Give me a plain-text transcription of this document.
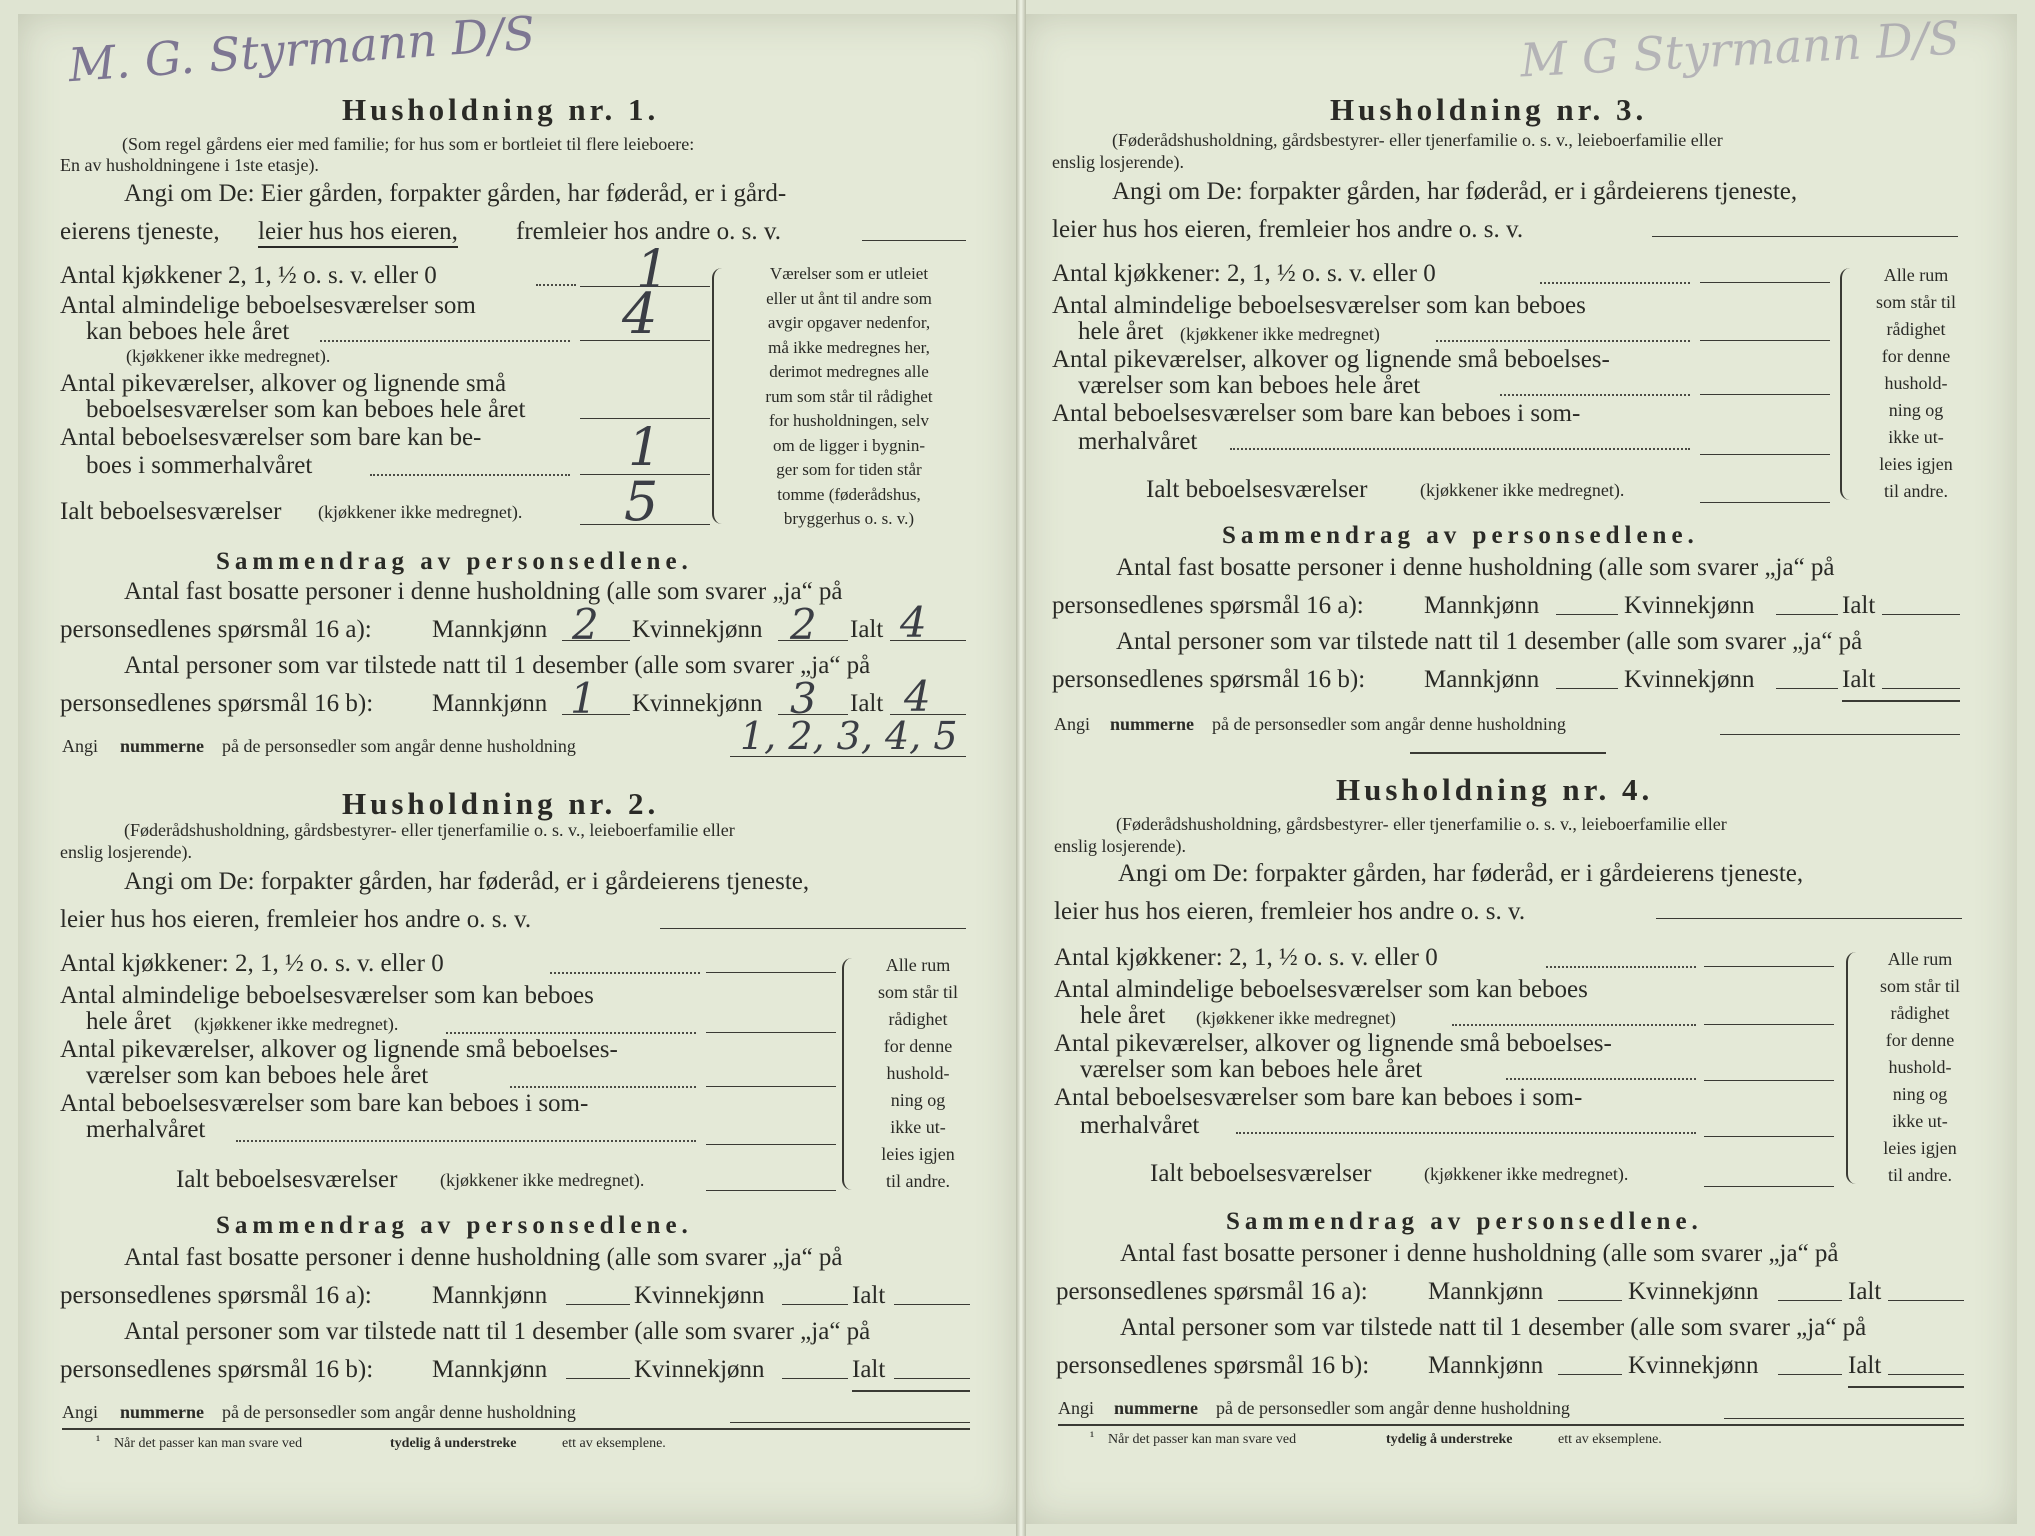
M. G. Styrmann D/S	M G Styrmann D/S
Husholdning nr. 1.
(Som regel gårdens eier med familie; for hus som er bortleiet til flere leieboere:
En av husholdningene i 1ste etasje).
Angi om De: Eier gården, forpakter gården, har føderåd, er i gård-
eierens tjeneste, leier hus hos eieren, fremleier hos andre o. s. v.
Antal kjøkkener 2, 1, ½ o. s. v. eller 0	1
Antal almindelige beboelsesværelser som
kan beboes hele året	4
(kjøkkener ikke medregnet).
Antal pikeværelser, alkover og lignende små
beboelsesværelser som kan beboes hele året
Antal beboelsesværelser som bare kan be-
boes i sommerhalvåret	1
Ialt beboelsesværelser (kjøkkener ikke medregnet). 5
Værelser som er utleiet
eller ut ånt til andre som
avgir opgaver nedenfor,
må ikke medregnes her,
derimot medregnes alle
rum som står til rådighet
for husholdningen, selv
om de ligger i bygnin-
ger som for tiden står
tomme (føderådshus,
bryggerhus o. s. v.)
Sammendrag av personsedlene.
Antal fast bosatte personer i denne husholdning (alle som svarer „ja“ på
personsedlenes spørsmål 16 a): Mannkjønn 2 Kvinnekjønn 2 Ialt 4
Antal personer som var tilstede natt til 1 desember (alle som svarer „ja“ på
personsedlenes spørsmål 16 b): Mannkjønn 1 Kvinnekjønn 3 Ialt 4
Angi nummerne på de personsedler som angår denne husholdning	1, 2, 3, 4, 5
Husholdning nr. 2.
(Føderådshusholdning, gårdsbestyrer- eller tjenerfamilie o. s. v., leieboerfamilie eller
enslig losjerende).
Angi om De: forpakter gården, har føderåd, er i gårdeierens tjeneste,
leier hus hos eieren, fremleier hos andre o. s. v.
Antal kjøkkener: 2, 1, ½ o. s. v. eller 0
Antal almindelige beboelsesværelser som kan beboes
hele året (kjøkkener ikke medregnet).
Antal pikeværelser, alkover og lignende små beboelses-
værelser som kan beboes hele året
Antal beboelsesværelser som bare kan beboes i som-
merhalvåret
Ialt beboelsesværelser (kjøkkener ikke medregnet).
Alle rum
som står til
rådighet
for denne
hushold-
ning og
ikke ut-
leies igjen
til andre.
Sammendrag av personsedlene.
Antal fast bosatte personer i denne husholdning (alle som svarer „ja“ på
personsedlenes spørsmål 16 a): Mannkjønn	Kvinnekjønn	Ialt
Antal personer som var tilstede natt til 1 desember (alle som svarer „ja“ på
personsedlenes spørsmål 16 b): Mannkjønn	Kvinnekjønn	Ialt
Angi nummerne på de personsedler som angår denne husholdning
¹ Når det passer kan man svare ved	tydelig å understreke	ett av eksemplene.
Husholdning nr. 3.
(Føderådshusholdning, gårdsbestyrer- eller tjenerfamilie o. s. v., leieboerfamilie eller
enslig losjerende).
Angi om De: forpakter gården, har føderåd, er i gårdeierens tjeneste,
leier hus hos eieren, fremleier hos andre o. s. v.
Antal kjøkkener: 2, 1, ½ o. s. v. eller 0
Antal almindelige beboelsesværelser som kan beboes
hele året (kjøkkener ikke medregnet)
Antal pikeværelser, alkover og lignende små beboelses-
værelser som kan beboes hele året
Antal beboelsesværelser som bare kan beboes i som-
merhalvåret
Ialt beboelsesværelser	(kjøkkener ikke medregnet).
Alle rum
som står til
rådighet
for denne
hushold-
ning og
ikke ut-
leies igjen
til andre.
Sammendrag av personsedlene.
Antal fast bosatte personer i denne husholdning (alle som svarer „ja“ på
personsedlenes spørsmål 16 a): Mannkjønn	Kvinnekjønn	Ialt
Antal personer som var tilstede natt til 1 desember (alle som svarer „ja“ på
personsedlenes spørsmål 16 b): Mannkjønn	Kvinnekjønn	Ialt
Angi nummerne på de personsedler som angår denne husholdning
Husholdning nr. 4.
(Føderådshusholdning, gårdsbestyrer- eller tjenerfamilie o. s. v., leieboerfamilie eller
enslig losjerende).
Angi om De: forpakter gården, har føderåd, er i gårdeierens tjeneste,
leier hus hos eieren, fremleier hos andre o. s. v.
Antal kjøkkener: 2, 1, ½ o. s. v. eller 0
Antal almindelige beboelsesværelser som kan beboes
hele året (kjøkkener ikke medregnet)
Antal pikeværelser, alkover og lignende små beboelses-
værelser som kan beboes hele året
Antal beboelsesværelser som bare kan beboes i som-
merhalvåret
Ialt beboelsesværelser	(kjøkkener ikke medregnet).
Alle rum
som står til
rådighet
for denne
hushold-
ning og
ikke ut-
leies igjen
til andre.
Sammendrag av personsedlene.
Antal fast bosatte personer i denne husholdning (alle som svarer „ja“ på
personsedlenes spørsmål 16 a): Mannkjønn	Kvinnekjønn	Ialt
Antal personer som var tilstede natt til 1 desember (alle som svarer „ja“ på
personsedlenes spørsmål 16 b): Mannkjønn	Kvinnekjønn	Ialt
Angi nummerne på de personsedler som angår denne husholdning
¹ Når det passer kan man svare ved	tydelig å understreke	ett av eksemplene.
